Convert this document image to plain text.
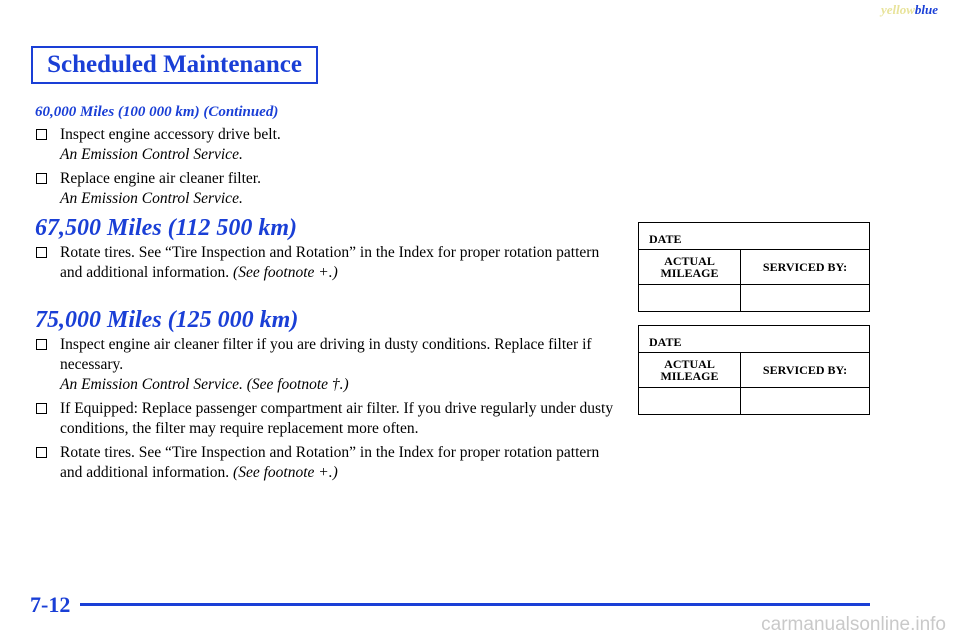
yellowblue
Scheduled Maintenance

60,000 Miles (100 000 km) (Continued)

Inspect engine accessory drive belt.
An Emission Control Service.
Replace engine air cleaner filter.
An Emission Control Service.
67,500 Miles (112 500 km)
Rotate tires. See “Tire Inspection and Rotation” in the Index for proper rotation pattern and additional information. (See footnote +.)
75,000 Miles (125 000 km)
Inspect engine air cleaner filter if you are driving in dusty conditions. Replace filter if necessary.
An Emission Control Service. (See footnote †.)
If Equipped: Replace passenger compartment air filter. If you drive regularly under dusty conditions, the filter may require replacement more often.
Rotate tires. See “Tire Inspection and Rotation” in the Index for proper rotation pattern and additional information. (See footnote +.)
DATE
ACTUAL
MILEAGE	SERVICED BY:
DATE
ACTUAL
MILEAGE	SERVICED BY:
7-12
carmanualsonline.info
